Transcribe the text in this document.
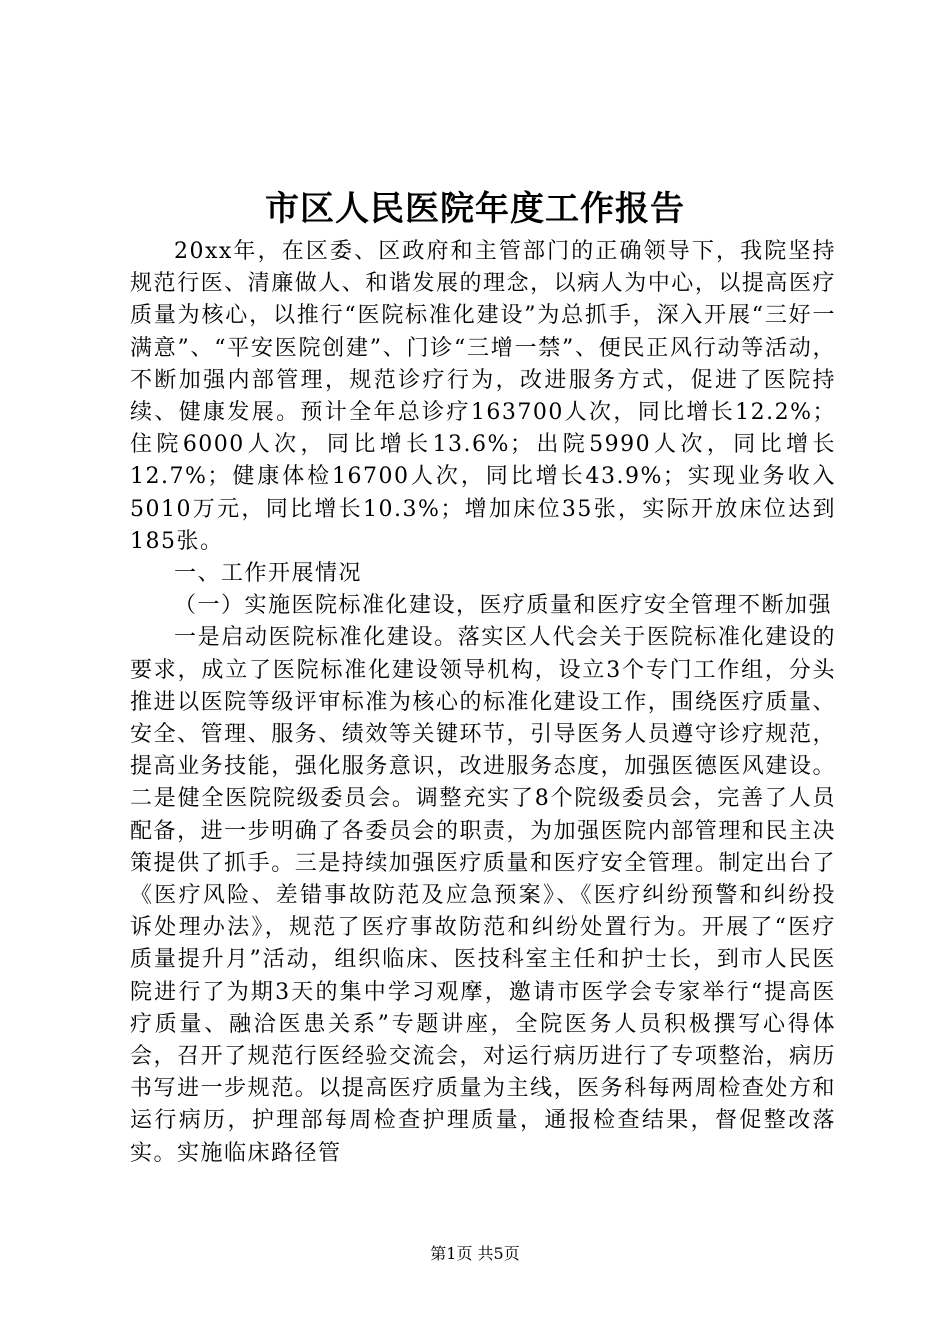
市区人民医院年度工作报告

20xx年，在区委、区政府和主管部门的正确领导下，我院坚持规范行医、清廉做人、和谐发展的理念，以病人为中心，以提高医疗质量为核心，以推行“医院标准化建设”为总抓手，深入开展“三好一满意”、“平安医院创建”、门诊“三增一禁”、便民正风行动等活动，不断加强内部管理，规范诊疗行为，改进服务方式，促进了医院持续、健康发展。预计全年总诊疗163700人次，同比增长12.2%；住院6000人次，同比增长13.6%；出院5990人次，同比增长12.7%；健康体检16700人次，同比增长43.9%；实现业务收入5010万元，同比增长10.3%；增加床位35张，实际开放床位达到185张。

一、工作开展情况

（一）实施医院标准化建设，医疗质量和医疗安全管理不断加强

一是启动医院标准化建设。落实区人代会关于医院标准化建设的要求，成立了医院标准化建设领导机构，设立3个专门工作组，分头推进以医院等级评审标准为核心的标准化建设工作，围绕医疗质量、安全、管理、服务、绩效等关键环节，引导医务人员遵守诊疗规范，提高业务技能，强化服务意识，改进服务态度，加强医德医风建设。二是健全医院院级委员会。调整充实了8个院级委员会，完善了人员配备，进一步明确了各委员会的职责，为加强医院内部管理和民主决策提供了抓手。三是持续加强医疗质量和医疗安全管理。制定出台了《医疗风险、差错事故防范及应急预案》、《医疗纠纷预警和纠纷投诉处理办法》，规范了医疗事故防范和纠纷处置行为。开展了“医疗质量提升月”活动，组织临床、医技科室主任和护士长，到市人民医院进行了为期3天的集中学习观摩，邀请市医学会专家举行“提高医疗质量、融洽医患关系”专题讲座，全院医务人员积极撰写心得体会，召开了规范行医经验交流会，对运行病历进行了专项整治，病历书写进一步规范。以提高医疗质量为主线，医务科每两周检查处方和运行病历，护理部每周检查护理质量，通报检查结果，督促整改落实。实施临床路径管

第1页 共5页
